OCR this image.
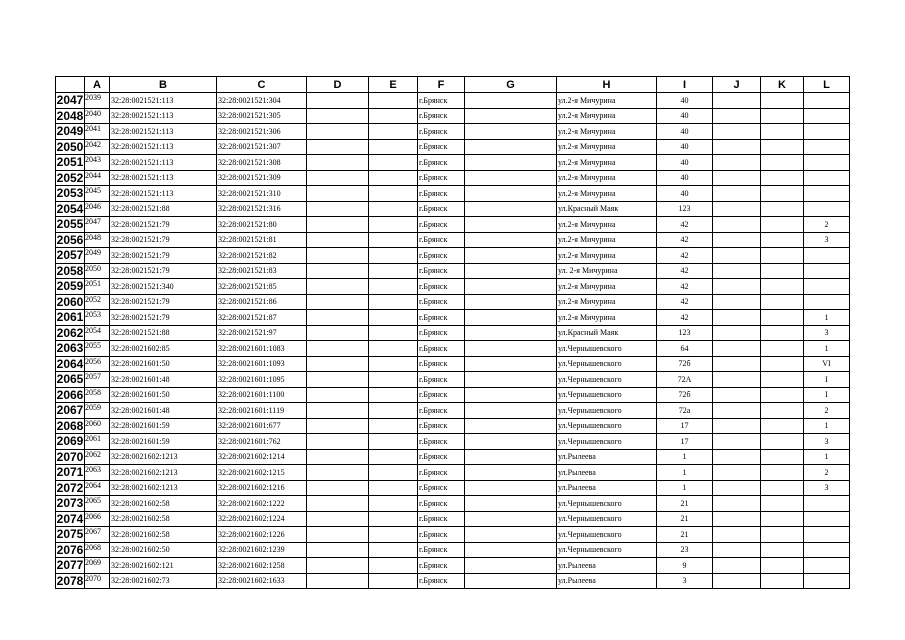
	A	B	C	D	E	F	G	H	I	J	K	L
2047	2039	32:28:0021521:113	32:28:0021521:304			г.Брянск		ул.2-я Мичурина	40			
2048	2040	32:28:0021521:113	32:28:0021521:305			г.Брянск		ул.2-я Мичурина	40			
2049	2041	32:28:0021521:113	32:28:0021521:306			г.Брянск		ул.2-я Мичурина	40			
2050	2042	32:28:0021521:113	32:28:0021521:307			г.Брянск		ул.2-я Мичурина	40			
2051	2043	32:28:0021521:113	32:28:0021521:308			г.Брянск		ул.2-я Мичурина	40			
2052	2044	32:28:0021521:113	32:28:0021521:309			г.Брянск		ул.2-я Мичурина	40			
2053	2045	32:28:0021521:113	32:28:0021521:310			г.Брянск		ул.2-я Мичурина	40			
2054	2046	32:28:0021521:88	32:28:0021521:316			г.Брянск		ул.Красный Маяк	123			
2055	2047	32:28:0021521:79	32:28:0021521:80			г.Брянск		ул.2-я Мичурина	42			2
2056	2048	32:28:0021521:79	32:28:0021521:81			г.Брянск		ул.2-я Мичурина	42			3
2057	2049	32:28:0021521:79	32:28:0021521:82			г.Брянск		ул.2-я Мичурина	42			
2058	2050	32:28:0021521:79	32:28:0021521:83			г.Брянск		ул. 2-я Мичурина	42			
2059	2051	32:28:0021521:340	32:28:0021521:85			г.Брянск		ул.2-я Мичурина	42			
2060	2052	32:28:0021521:79	32:28:0021521:86			г.Брянск		ул.2-я Мичурина	42			
2061	2053	32:28:0021521:79	32:28:0021521:87			г.Брянск		ул.2-я Мичурина	42			1
2062	2054	32:28:0021521:88	32:28:0021521:97			г.Брянск		ул.Красный Маяк	123			3
2063	2055	32:28:0021602:85	32:28:0021601:1083			г.Брянск		ул.Чернышевского	64			1
2064	2056	32:28:0021601:50	32:28:0021601:1093			г.Брянск		ул.Чернышевского	72б			VI
2065	2057	32:28:0021601:48	32:28:0021601:1095			г.Брянск		ул.Чернышевского	72А			I
2066	2058	32:28:0021601:50	32:28:0021601:1100			г.Брянск		ул.Чернышевского	72б			I
2067	2059	32:28:0021601:48	32:28:0021601:1119			г.Брянск		ул.Чернышевского	72а			2
2068	2060	32:28:0021601:59	32:28:0021601:677			г.Брянск		ул.Чернышевского	17			1
2069	2061	32:28:0021601:59	32:28:0021601:762			г.Брянск		ул.Чернышевского	17			3
2070	2062	32:28:0021602:1213	32:28:0021602:1214			г.Брянск		ул.Рылеева	1			1
2071	2063	32:28:0021602:1213	32:28:0021602:1215			г.Брянск		ул.Рылеева	1			2
2072	2064	32:28:0021602:1213	32:28:0021602:1216			г.Брянск		ул.Рылеева	1			3
2073	2065	32:28:0021602:58	32:28:0021602:1222			г.Брянск		ул.Чернышевского	21			
2074	2066	32:28:0021602:58	32:28:0021602:1224			г.Брянск		ул.Чернышевского	21			
2075	2067	32:28:0021602:58	32:28:0021602:1226			г.Брянск		ул.Чернышевского	21			
2076	2068	32:28:0021602:50	32:28:0021602:1239			г.Брянск		ул.Чернышевского	23			
2077	2069	32:28:0021602:121	32:28:0021602:1258			г.Брянск		ул.Рылеева	9			
2078	2070	32:28:0021602:73	32:28:0021602:1633			г.Брянск		ул.Рылеева	3			
